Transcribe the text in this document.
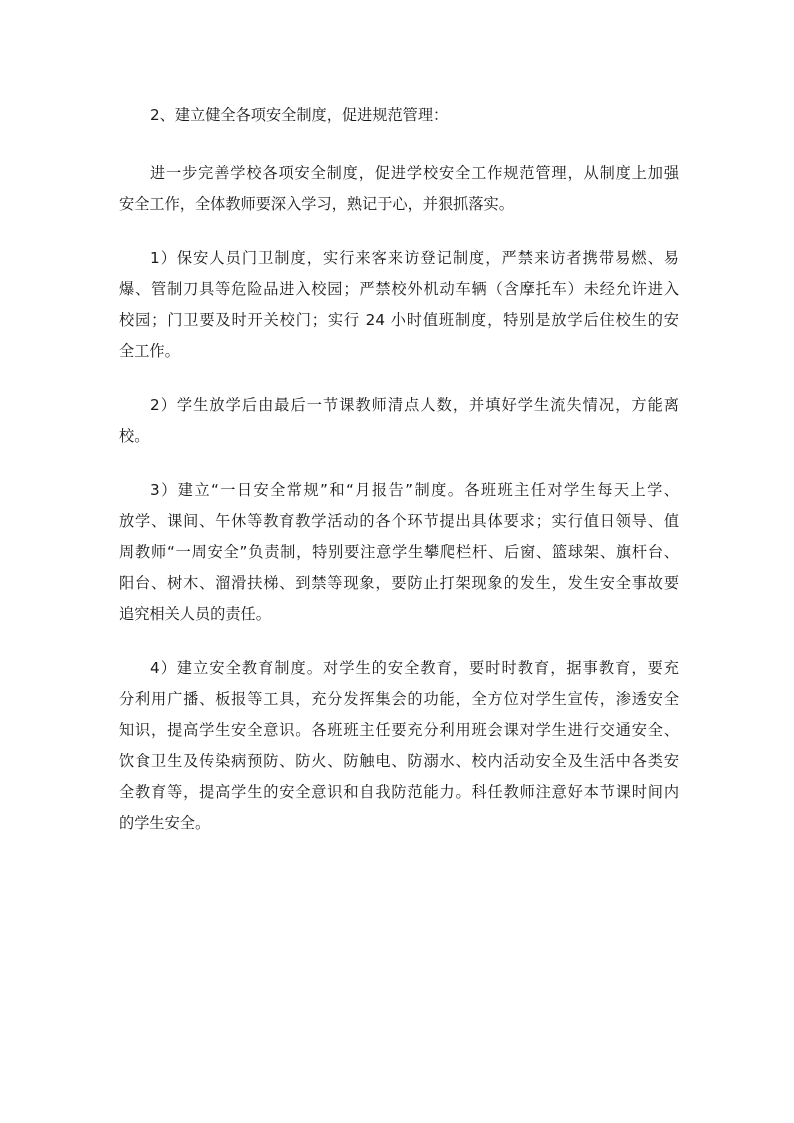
2、建立健全各项安全制度，促进规范管理：

进一步完善学校各项安全制度，促进学校安全工作规范管理，从制度上加强
安全工作，全体教师要深入学习，熟记于心，并狠抓落实。

1）保安人员门卫制度，实行来客来访登记制度，严禁来访者携带易燃、易
爆、管制刀具等危险品进入校园；严禁校外机动车辆（含摩托车）未经允许进入
校园；门卫要及时开关校门；实行 24 小时值班制度，特别是放学后住校生的安
全工作。

2）学生放学后由最后一节课教师清点人数，并填好学生流失情况，方能离
校。

3）建立“一日安全常规”和“月报告”制度。各班班主任对学生每天上学、
放学、课间、午休等教育教学活动的各个环节提出具体要求；实行值日领导、值
周教师“一周安全”负责制，特别要注意学生攀爬栏杆、后窗、篮球架、旗杆台、
阳台、树木、溜滑扶梯、到禁等现象，要防止打架现象的发生，发生安全事故要
追究相关人员的责任。

4）建立安全教育制度。对学生的安全教育，要时时教育，据事教育，要充
分利用广播、板报等工具，充分发挥集会的功能，全方位对学生宣传，渗透安全
知识，提高学生安全意识。各班班主任要充分利用班会课对学生进行交通安全、
饮食卫生及传染病预防、防火、防触电、防溺水、校内活动安全及生活中各类安
全教育等，提高学生的安全意识和自我防范能力。科任教师注意好本节课时间内
的学生安全。
